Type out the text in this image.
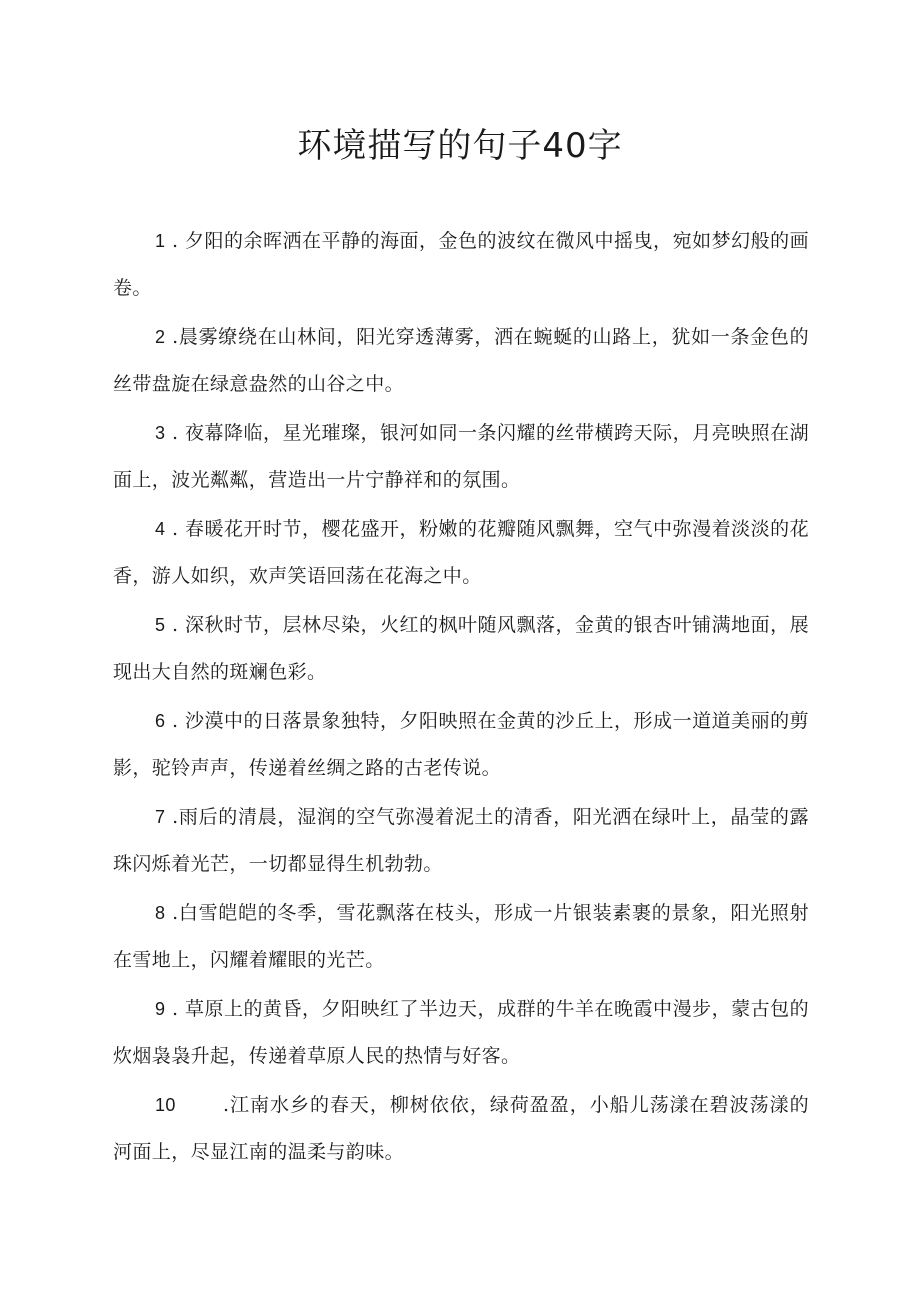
环境描写的句子40字

1 . 夕阳的余晖洒在平静的海面，金色的波纹在微风中摇曳，宛如梦幻般的画卷。

2 .晨雾缭绕在山林间，阳光穿透薄雾，洒在蜿蜒的山路上，犹如一条金色的丝带盘旋在绿意盎然的山谷之中。

3 . 夜幕降临，星光璀璨，银河如同一条闪耀的丝带横跨天际，月亮映照在湖面上，波光粼粼，营造出一片宁静祥和的氛围。

4 . 春暖花开时节，樱花盛开，粉嫩的花瓣随风飘舞，空气中弥漫着淡淡的花香，游人如织，欢声笑语回荡在花海之中。

5 . 深秋时节，层林尽染，火红的枫叶随风飘落，金黄的银杏叶铺满地面，展现出大自然的斑斓色彩。

6 . 沙漠中的日落景象独特，夕阳映照在金黄的沙丘上，形成一道道美丽的剪影，驼铃声声，传递着丝绸之路的古老传说。

7 .雨后的清晨，湿润的空气弥漫着泥土的清香，阳光洒在绿叶上，晶莹的露珠闪烁着光芒，一切都显得生机勃勃。

8 .白雪皑皑的冬季，雪花飘落在枝头，形成一片银装素裹的景象，阳光照射在雪地上，闪耀着耀眼的光芒。

9 . 草原上的黄昏，夕阳映红了半边天，成群的牛羊在晚霞中漫步，蒙古包的炊烟袅袅升起，传递着草原人民的热情与好客。

10 .江南水乡的春天，柳树依依，绿荷盈盈，小船儿荡漾在碧波荡漾的河面上，尽显江南的温柔与韵味。
